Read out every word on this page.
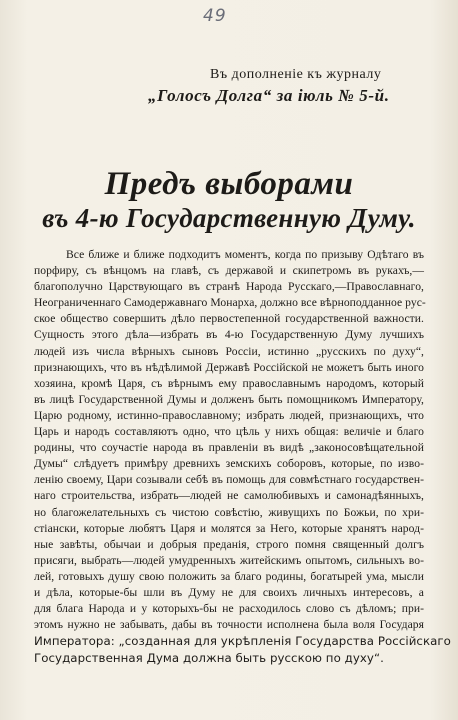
49
Въ дополненіе къ журналу
„Голосъ Долга“ за іюль № 5-й.
Предъ выборами
въ 4-ю Государственную Думу.
Все ближе и ближе подходитъ моментъ, когда по призыву Одѣтаго въ
порфиру, съ вѣнцомъ на главѣ, съ державой и скипетромъ въ рукахъ,—
благополучно Царствующаго въ странѣ Народа Русскаго,—Православнаго,
Неограниченнаго Самодержавнаго Монарха, должно все вѣрноподданное рус-
ское общество совершить дѣло первостепенной государственной важности.
Сущность этого дѣла—избрать въ 4-ю Государственную Думу лучшихъ
людей изъ числа вѣрныхъ сыновъ Россіи, истинно „русскихъ по духу“,
признающихъ, что въ нѣдѣлимой Державѣ Россійской не можетъ быть иного
хозяина, кромѣ Царя, съ вѣрнымъ ему православнымъ народомъ, который
въ лицѣ Государственной Думы и долженъ быть помощникомъ Императору,
Царю родному, истинно-православному; избрать людей, признающихъ, что
Царь и народъ составляютъ одно, что цѣль у нихъ общая: величіе и благо
родины, что соучастіе народа въ правленіи въ видѣ „законосовѣщательной
Думы“ слѣдуетъ примѣру древнихъ земскихъ соборовъ, которые, по изво-
ленію своему, Цари созывали себѣ въ помощь для совмѣстнаго государствен-
наго строительства, избрать—людей не самолюбивыхъ и самонадѣянныхъ,
но благожелательныхъ съ чистою совѣстію, живущихъ по Божьи, по хри-
стіански, которые любятъ Царя и молятся за Него, которые хранятъ народ-
ные завѣты, обычаи и добрыя преданія, строго помня священный долгъ
присяги, выбрать—людей умудренныхъ житейскимъ опытомъ, сильныхъ во-
лей, готовыхъ душу свою положить за благо родины, богатырей ума, мысли
и дѣла, которые-бы шли въ Думу не для своихъ личныхъ интересовъ, а
для блага Народа и у которыхъ-бы не расходилось слово съ дѣломъ; при-
этомъ нужно не забывать, дабы въ точности исполнена была воля Государя
Императора: „созданная для укрѣпленія Государства Россійскаго
Государственная Дума должна быть русскою по духу“.
